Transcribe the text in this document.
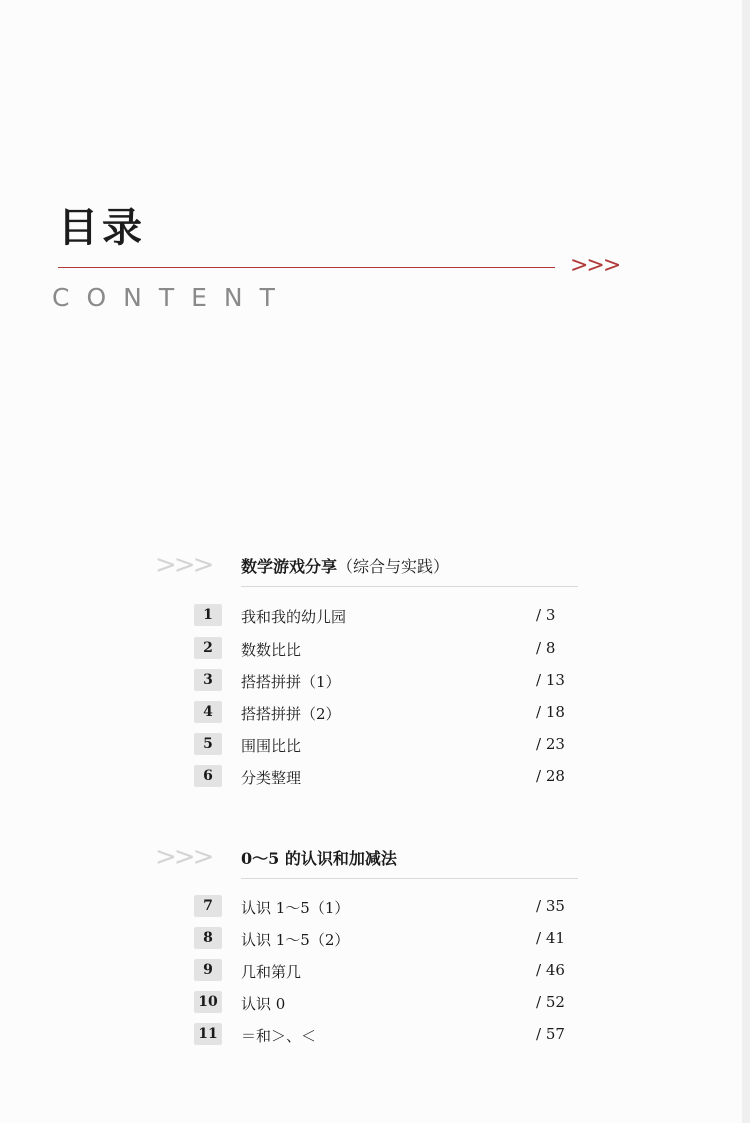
目录
>>>
CONTENT
>>> 数学游戏分享（综合与实践）
1	我和我的幼儿园	/ 3
2	数数比比	/ 8
3	搭搭拼拼（1）	/ 13
4	搭搭拼拼（2）	/ 18
5	围围比比	/ 23
6	分类整理	/ 28
>>> 0～5 的认识和加减法
7	认识 1～5（1）	/ 35
8	认识 1～5（2）	/ 41
9	几和第几	/ 46
10 认识 0	/ 52
11 ＝和＞、＜	/ 57
